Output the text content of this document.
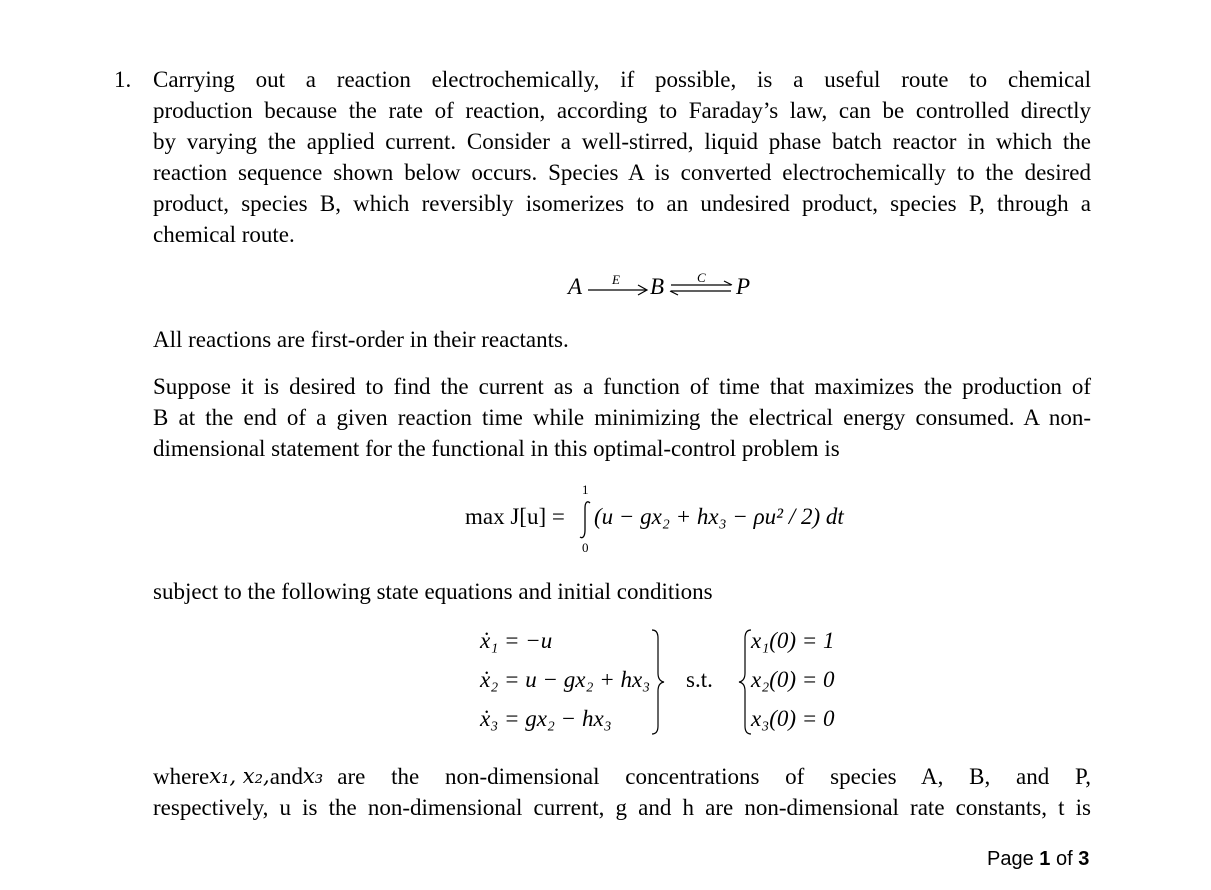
1. Carrying out a reaction electrochemically, if possible, is a useful route to chemical
production because the rate of reaction, according to Faraday’s law, can be controlled directly
by varying the applied current. Consider a well-stirred, liquid phase batch reactor in which the
reaction sequence shown below occurs. Species A is converted electrochemically to the desired
product, species B, which reversibly isomerizes to an undesired product, species P, through a
chemical route.
A E B	C P
All reactions are first-order in their reactants.
Suppose it is desired to find the current as a function of time that maximizes the production of
B at the end of a given reaction time while minimizing the electrical energy consumed. A non-
dimensional statement for the functional in this optimal-control problem is
max J[u] =
1
0
(u − gx₂ + hx₃ − ρu² / 2) dt
subject to the following state equations and initial conditions
ẋ₁ = −u
ẋ₂ = u − gx₂ + hx₃
ẋ₃ = gx₂ − hx₃
s.t.
x₁(0) = 1
x₂(0) = 0
x₃(0) = 0
where x₁, x₂, and x₃ are the non-dimensional concentrations of species A, B, and P,
respectively, u is the non-dimensional current, g and h are non-dimensional rate constants, t is
Page 1 of 3
